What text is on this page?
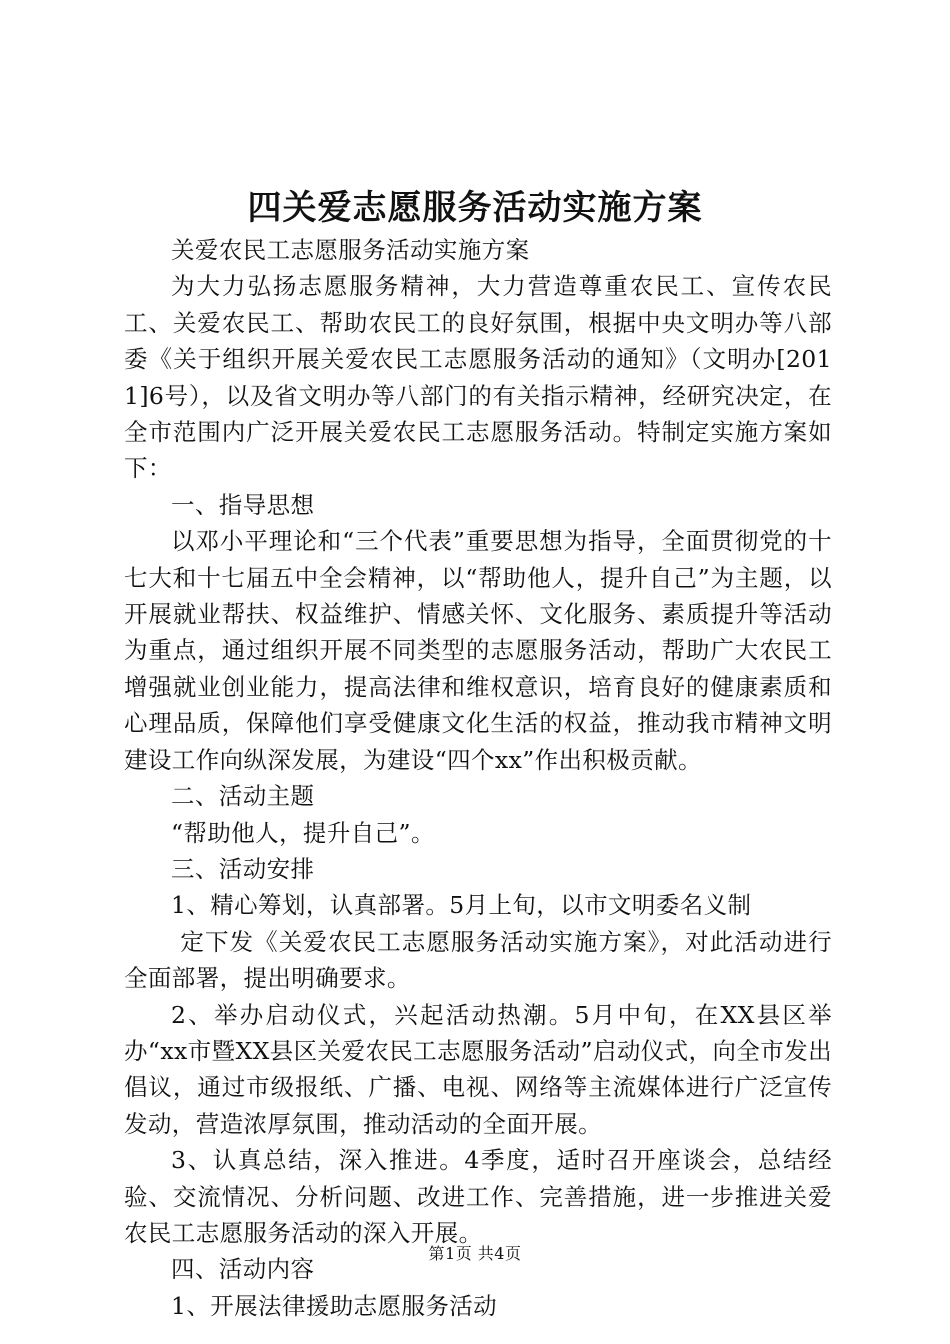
四关爱志愿服务活动实施方案

关爱农民工志愿服务活动实施方案

为大力弘扬志愿服务精神，大力营造尊重农民工、宣传农民工、关爱农民工、帮助农民工的良好氛围，根据中央文明办等八部委《关于组织开展关爱农民工志愿服务活动的通知》（文明办[2011]6号），以及省文明办等八部门的有关指示精神，经研究决定，在全市范围内广泛开展关爱农民工志愿服务活动。特制定实施方案如下：

一、指导思想

以邓小平理论和“三个代表”重要思想为指导，全面贯彻党的十七大和十七届五中全会精神，以“帮助他人，提升自己”为主题，以开展就业帮扶、权益维护、情感关怀、文化服务、素质提升等活动为重点，通过组织开展不同类型的志愿服务活动，帮助广大农民工增强就业创业能力，提高法律和维权意识，培育良好的健康素质和心理品质，保障他们享受健康文化生活的权益，推动我市精神文明建设工作向纵深发展，为建设“四个xx”作出积极贡献。

二、活动主题

“帮助他人，提升自己”。

三、活动安排

1、精心筹划，认真部署。5月上旬，以市文明委名义制

定下发《关爱农民工志愿服务活动实施方案》，对此活动进行全面部署，提出明确要求。

2、举办启动仪式，兴起活动热潮。5月中旬，在XX县区举办“xx市暨XX县区关爱农民工志愿服务活动”启动仪式，向全市发出倡议，通过市级报纸、广播、电视、网络等主流媒体进行广泛宣传发动，营造浓厚氛围，推动活动的全面开展。

3、认真总结，深入推进。4季度，适时召开座谈会，总结经验、交流情况、分析问题、改进工作、完善措施，进一步推进关爱农民工志愿服务活动的深入开展。

四、活动内容

1、开展法律援助志愿服务活动

第1页 共4页
